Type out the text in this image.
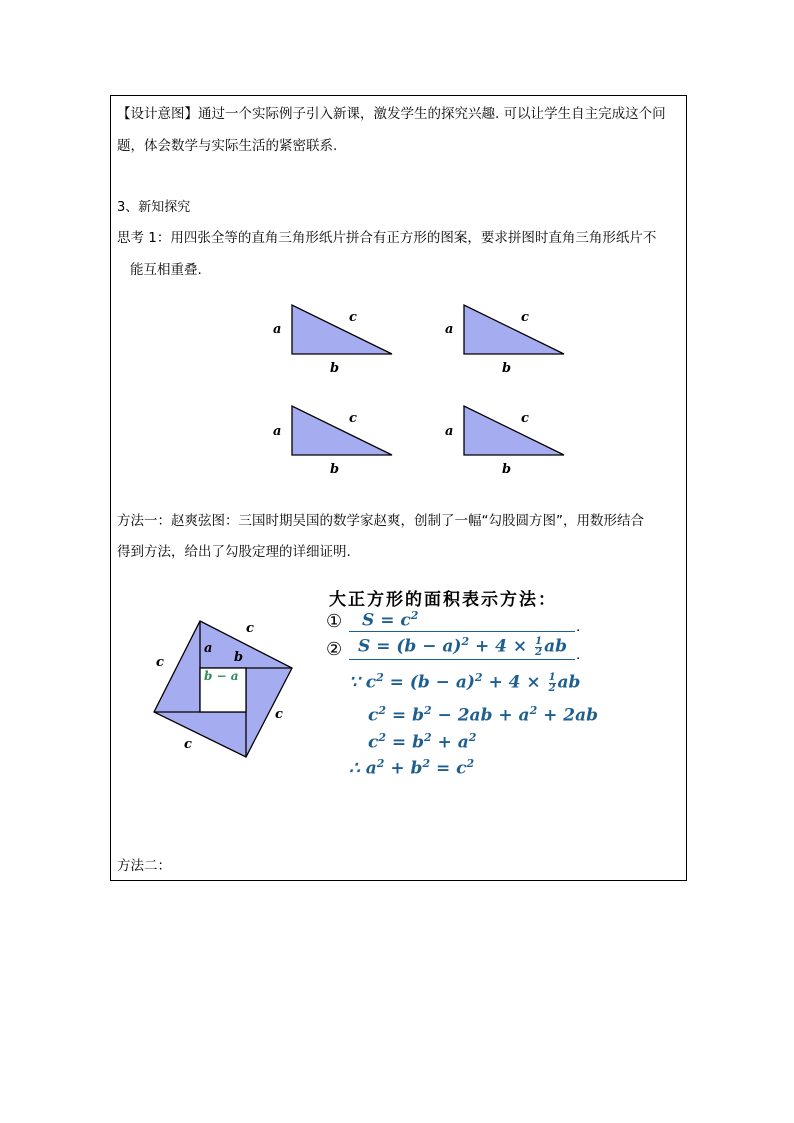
【设计意图】通过一个实际例子引入新课，激发学生的探究兴趣. 可以让学生自主完成这个问
题，体会数学与实际生活的紧密联系.
3、新知探究
思考 1：用四张全等的直角三角形纸片拼合有正方形的图案，要求拼图时直角三角形纸片不
能互相重叠.
a
c
b
a
c
b
a
c
b
a
c
b
方法一：赵爽弦图：三国时期吴国的数学家赵爽，创制了一幅“勾股圆方图”，用数形结合
得到方法，给出了勾股定理的详细证明.
c
c
c
c
a
b
b − a
大正方形的面积表示方法：
① $S = c^2$
.
② $S = (b - a)^2 + 4 \times \frac{1}{2}$ ab .
∵ $c^2 = (b - a)^2 + 4 \times \frac{1}{2}$ ab
$c^2 = b^2 - 2ab + a^2 + 2ab$
$c^2 = b^2 + a^2$
∴ $a^2 + b^2 = c^2$
方法二：
